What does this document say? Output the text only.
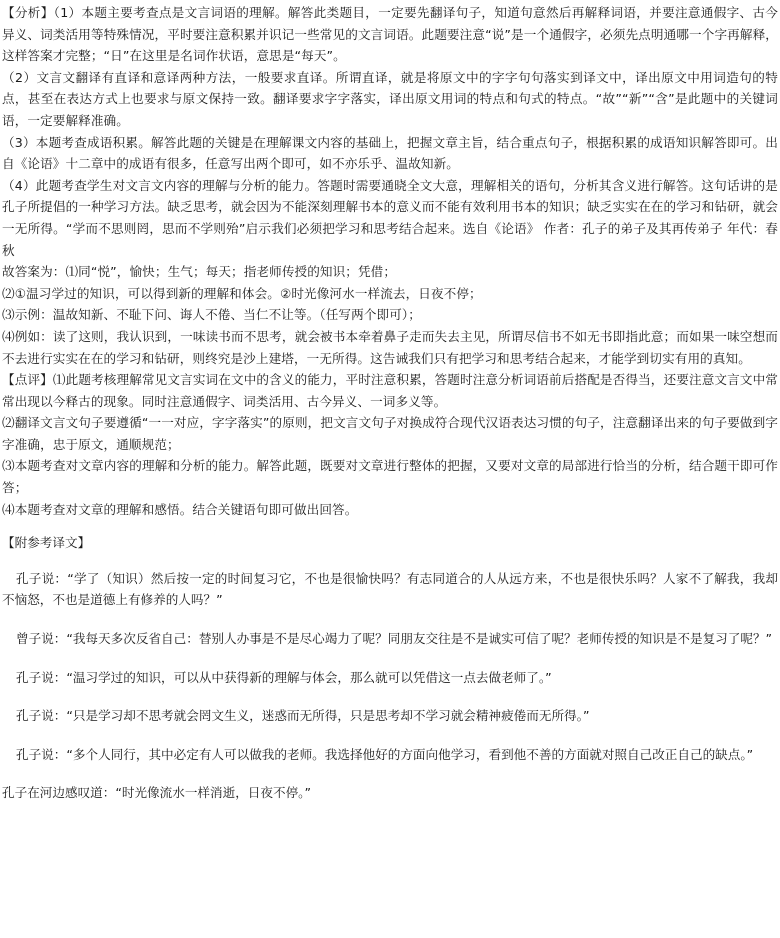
【分析】（1）本题主要考查点是文言词语的理解。解答此类题目，一定要先翻译句子，知道句意然后再解释词语，并要注意通假字、古今异义、词类活用等特殊情况，平时要注意积累并识记一些常见的文言词语。此题要注意“说”是一个通假字，必须先点明通哪一个字再解释，这样答案才完整；“日”在这里是名词作状语，意思是“每天”。

（2）文言文翻译有直译和意译两种方法，一般要求直译。所谓直译，就是将原文中的字字句句落实到译文中，译出原文中用词造句的特点，甚至在表达方式上也要求与原文保持一致。翻译要求字字落实，译出原文用词的特点和句式的特点。“故”“新”“含”是此题中的关键词语，一定要解释准确。

（3）本题考查成语积累。解答此题的关键是在理解课文内容的基础上，把握文章主旨，结合重点句子，根据积累的成语知识解答即可。出自《论语》十二章中的成语有很多，任意写出两个即可，如不亦乐乎、温故知新。

（4）此题考查学生对文言文内容的理解与分析的能力。答题时需要通晓全文大意，理解相关的语句，分析其含义进行解答。这句话讲的是孔子所提倡的一种学习方法。缺乏思考，就会因为不能深刻理解书本的意义而不能有效利用书本的知识；缺乏实实在在的学习和钻研，就会一无所得。“学而不思则罔，思而不学则殆”启示我们必须把学习和思考结合起来。选自《论语》 作者：孔子的弟子及其再传弟子 年代：春秋

故答案为：⑴同“悦”，愉快；生气；每天；指老师传授的知识；凭借；

⑵①温习学过的知识，可以得到新的理解和体会。②时光像河水一样流去，日夜不停；

⑶示例：温故知新、不耻下问、诲人不倦、当仁不让等。（任写两个即可）；

⑷例如：读了这则，我认识到，一味读书而不思考，就会被书本牵着鼻子走而失去主见，所谓尽信书不如无书即指此意；而如果一味空想而不去进行实实在在的学习和钻研，则终究是沙上建塔，一无所得。这告诫我们只有把学习和思考结合起来，才能学到切实有用的真知。

【点评】⑴此题考核理解常见文言实词在文中的含义的能力，平时注意积累，答题时注意分析词语前后搭配是否得当，还要注意文言文中常常出现以今释古的现象。同时注意通假字、词类活用、古今异义、一词多义等。

⑵翻译文言文句子要遵循“一一对应，字字落实”的原则，把文言文句子对换成符合现代汉语表达习惯的句子，注意翻译出来的句子要做到字字准确，忠于原文，通顺规范；

⑶本题考查对文章内容的理解和分析的能力。解答此题，既要对文章进行整体的把握，又要对文章的局部进行恰当的分析，结合题干即可作答；

⑷本题考查对文章的理解和感悟。结合关键语句即可做出回答。

【附参考译文】

孔子说：“学了（知识）然后按一定的时间复习它，不也是很愉快吗？有志同道合的人从远方来，不也是很快乐吗？人家不了解我，我却不恼怒，不也是道德上有修养的人吗？”

曾子说：“我每天多次反省自己：替别人办事是不是尽心竭力了呢？同朋友交往是不是诚实可信了呢？老师传授的知识是不是复习了呢？”

孔子说：“温习学过的知识，可以从中获得新的理解与体会，那么就可以凭借这一点去做老师了。”

孔子说：“只是学习却不思考就会罔文生义，迷惑而无所得，只是思考却不学习就会精神疲倦而无所得。”

孔子说：“多个人同行，其中必定有人可以做我的老师。我选择他好的方面向他学习，看到他不善的方面就对照自己改正自己的缺点。”

孔子在河边感叹道：“时光像流水一样消逝，日夜不停。”
